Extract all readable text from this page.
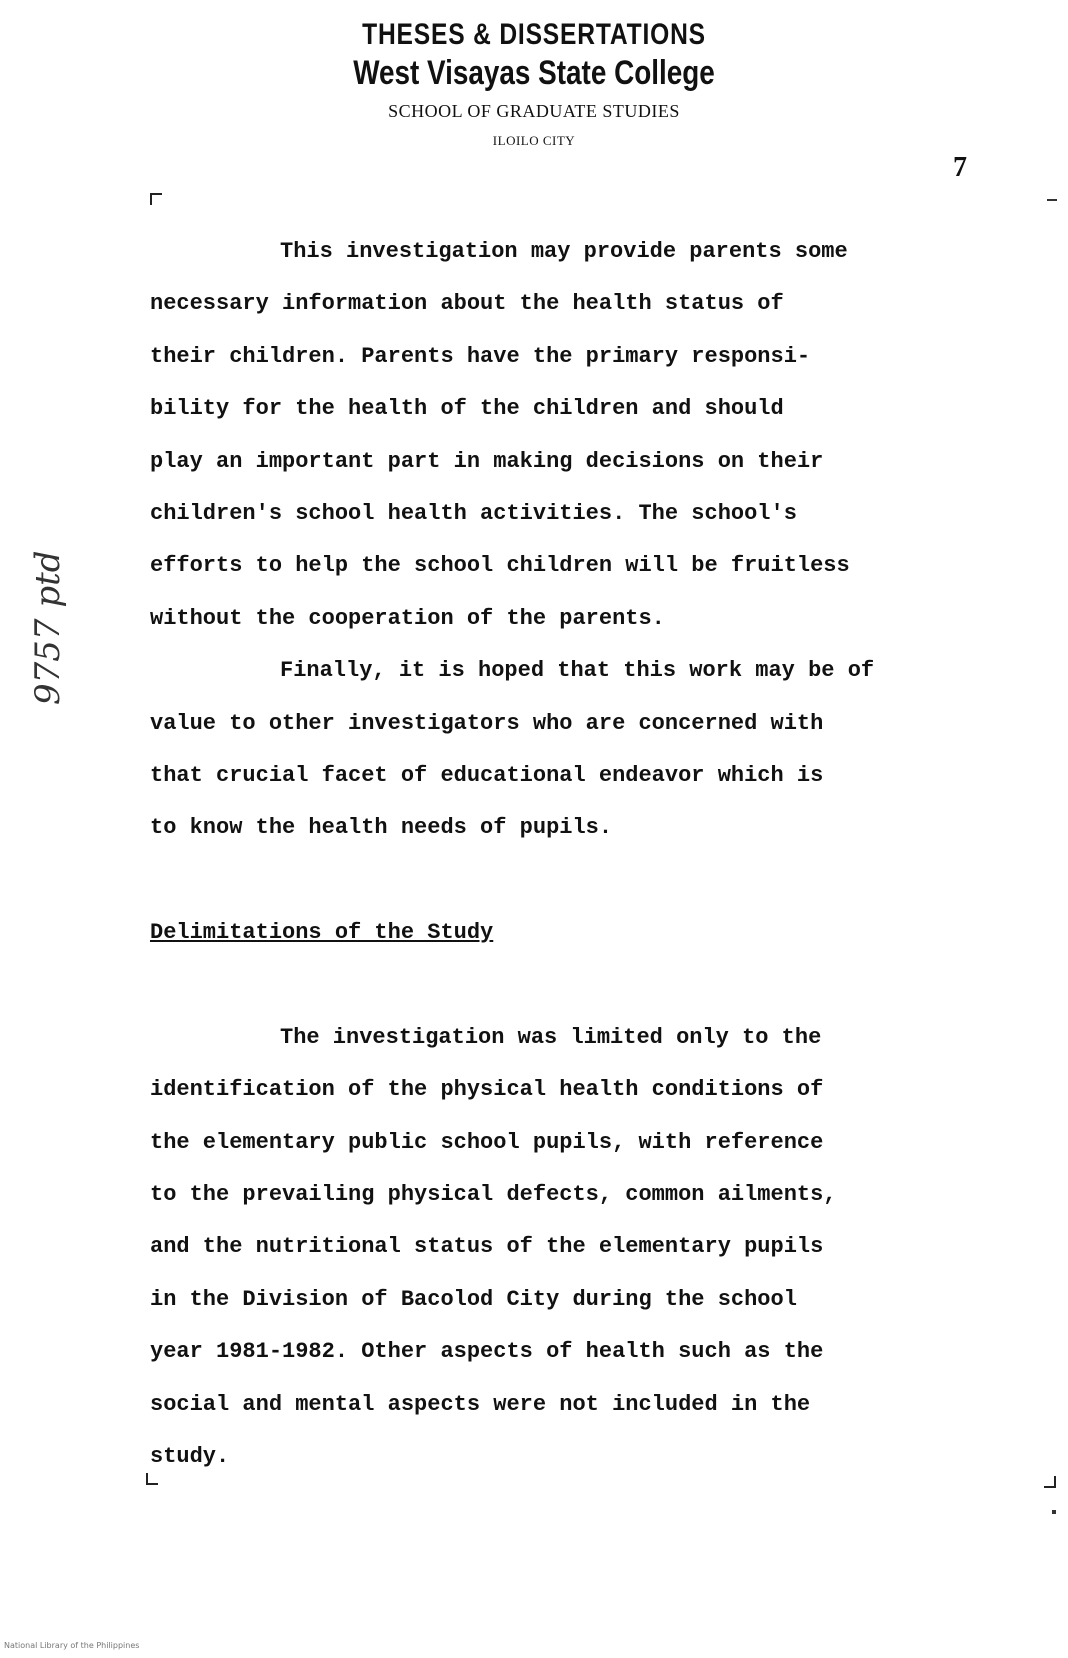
THESES & DISSERTATIONS
West Visayas State College
SCHOOL OF GRADUATE STUDIES
ILOILO CITY
7
9757 ptd
This investigation may provide parents some
necessary information about the health status of
their children. Parents have the primary responsi-
bility for the health of the children and should
play an important part in making decisions on their
children's school health activities. The school's
efforts to help the school children will be fruitless
without the cooperation of the parents.
Finally, it is hoped that this work may be of
value to other investigators who are concerned with
that crucial facet of educational endeavor which is
to know the health needs of pupils.
Delimitations of the Study
The investigation was limited only to the
identification of the physical health conditions of
the elementary public school pupils, with reference
to the prevailing physical defects, common ailments,
and the nutritional status of the elementary pupils
in the Division of Bacolod City during the school
year 1981-1982. Other aspects of health such as the
social and mental aspects were not included in the
study.
National Library of the Philippines
